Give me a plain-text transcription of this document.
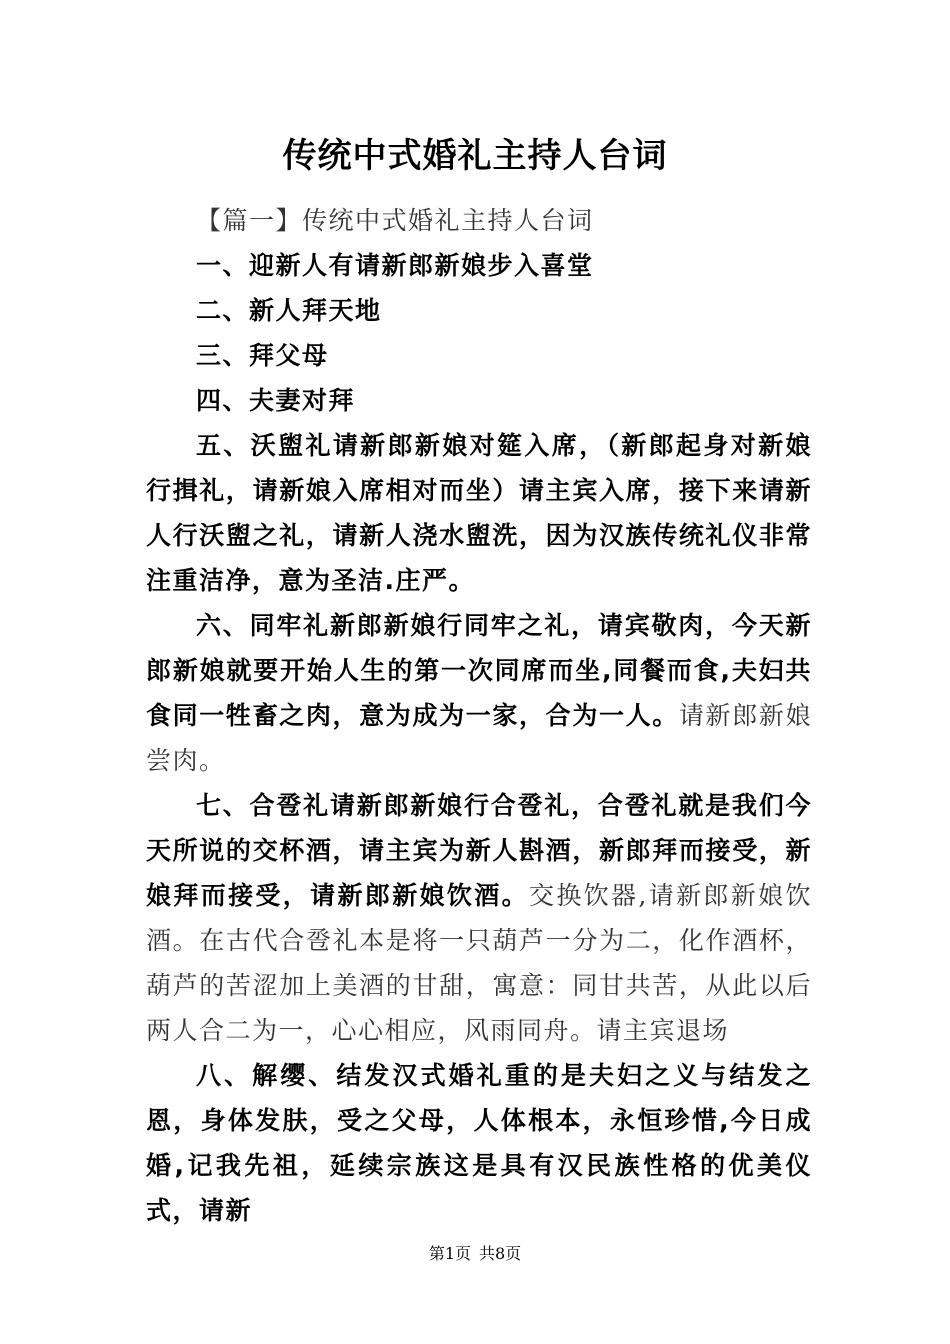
传统中式婚礼主持人台词

【篇一】传统中式婚礼主持人台词

一、迎新人有请新郎新娘步入喜堂

二、新人拜天地

三、拜父母

四、夫妻对拜

五、沃盥礼请新郎新娘对筵入席，（新郎起身对新娘行揖礼，请新娘入席相对而坐）请主宾入席，接下来请新人行沃盥之礼，请新人浇水盥洗，因为汉族传统礼仪非常注重洁净，意为圣洁.庄严。

六、同牢礼新郎新娘行同牢之礼，请宾敬肉，今天新郎新娘就要开始人生的第一次同席而坐,同餐而食,夫妇共食同一牲畜之肉，意为成为一家，合为一人。请新郎新娘尝肉。

七、合卺礼请新郎新娘行合卺礼，合卺礼就是我们今天所说的交杯酒，请主宾为新人斟酒，新郎拜而接受，新娘拜而接受，请新郎新娘饮酒。交换饮器,请新郎新娘饮酒。在古代合卺礼本是将一只葫芦一分为二，化作酒杯，葫芦的苦涩加上美酒的甘甜，寓意：同甘共苦，从此以后两人合二为一，心心相应，风雨同舟。请主宾退场

八、解缨、结发汉式婚礼重的是夫妇之义与结发之恩，身体发肤，受之父母，人体根本，永恒珍惜,今日成婚,记我先祖，延续宗族这是具有汉民族性格的优美仪式，请新

第1页 共8页
